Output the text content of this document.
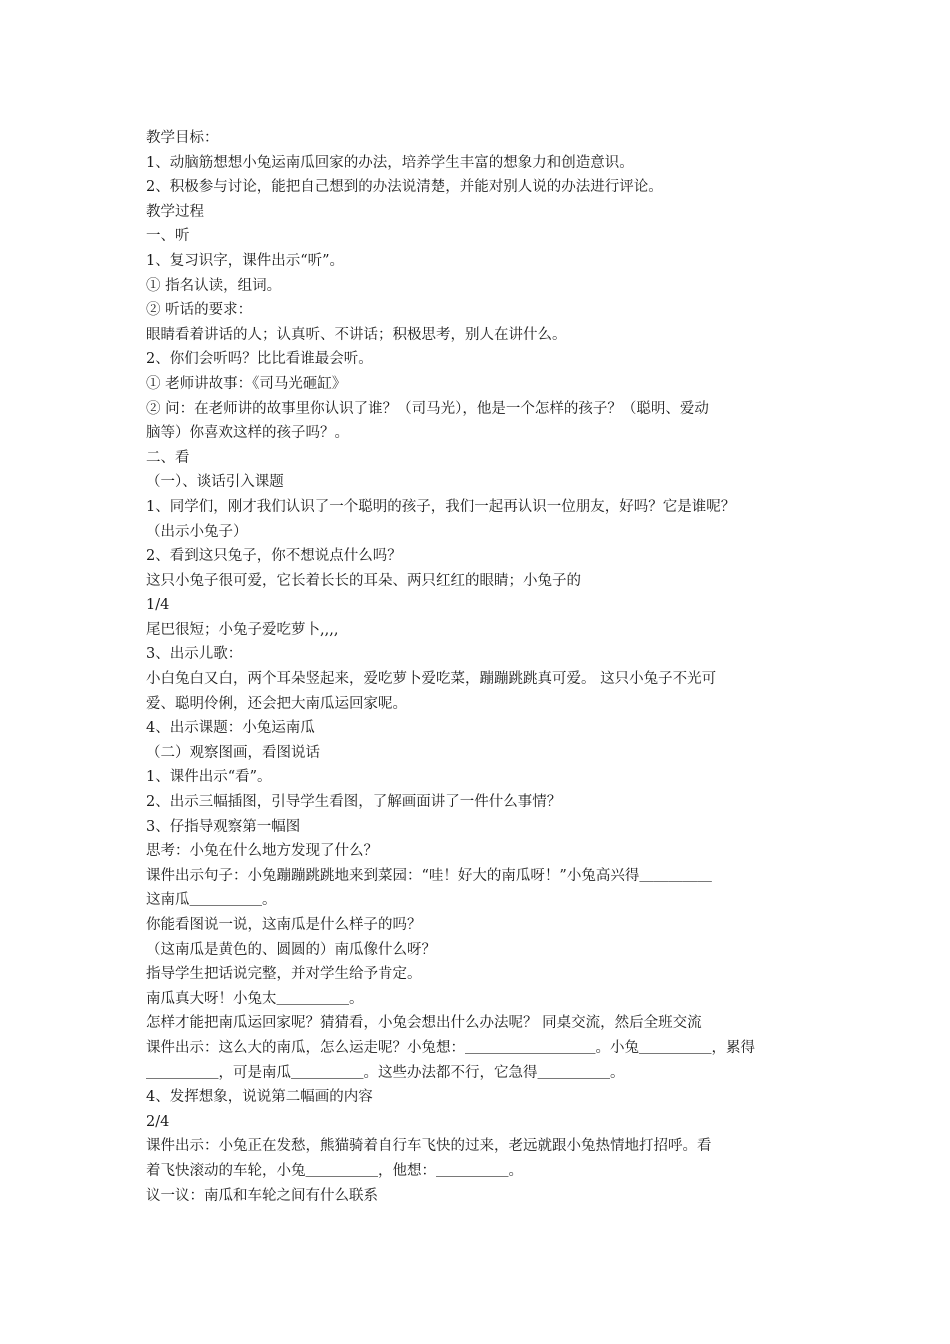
教学目标：
1、动脑筋想想小兔运南瓜回家的办法，培养学生丰富的想象力和创造意识。
2、积极参与讨论，能把自己想到的办法说清楚，并能对别人说的办法进行评论。
教学过程
一、听
1、复习识字，课件出示“听”。
① 指名认读，组词。
② 听话的要求：
眼睛看着讲话的人；认真听、不讲话；积极思考，别人在讲什么。
2、你们会听吗？比比看谁最会听。
① 老师讲故事：《司马光砸缸》
② 问：在老师讲的故事里你认识了谁？（司马光），他是一个怎样的孩子？（聪明、爱动
脑等）你喜欢这样的孩子吗？。
二、看
（一）、谈话引入课题
1、同学们，刚才我们认识了一个聪明的孩子，我们一起再认识一位朋友，好吗？它是谁呢？
（出示小兔子）
2、看到这只兔子，你不想说点什么吗？
这只小兔子很可爱，它长着长长的耳朵、两只红红的眼睛；小兔子的
1/4
尾巴很短；小兔子爱吃萝卜,,,,
3、出示儿歌：
小白兔白又白，两个耳朵竖起来，爱吃萝卜爱吃菜，蹦蹦跳跳真可爱。 这只小兔子不光可
爱、聪明伶俐，还会把大南瓜运回家呢。
4、出示课题：小兔运南瓜
（二）观察图画，看图说话
1、课件出示“看”。
2、出示三幅插图，引导学生看图，了解画面讲了一件什么事情？
3、仔指导观察第一幅图
思考：小兔在什么地方发现了什么？
课件出示句子：小兔蹦蹦跳跳地来到菜园：“哇！好大的南瓜呀！”小兔高兴得＿＿＿＿＿
这南瓜＿＿＿＿＿。
你能看图说一说，这南瓜是什么样子的吗？
（这南瓜是黄色的、圆圆的）南瓜像什么呀？
指导学生把话说完整，并对学生给予肯定。
南瓜真大呀！小兔太＿＿＿＿＿。
怎样才能把南瓜运回家呢？猜猜看，小兔会想出什么办法呢？ 同桌交流，然后全班交流
课件出示：这么大的南瓜，怎么运走呢？小兔想：＿＿＿＿＿＿＿＿＿。小兔＿＿＿＿＿，累得
＿＿＿＿＿，可是南瓜＿＿＿＿＿。这些办法都不行，它急得＿＿＿＿＿。
4、发挥想象，说说第二幅画的内容
2/4
课件出示：小兔正在发愁，熊猫骑着自行车飞快的过来，老远就跟小兔热情地打招呼。看
着飞快滚动的车轮，小兔＿＿＿＿＿，他想：＿＿＿＿＿。
议一议：南瓜和车轮之间有什么联系
